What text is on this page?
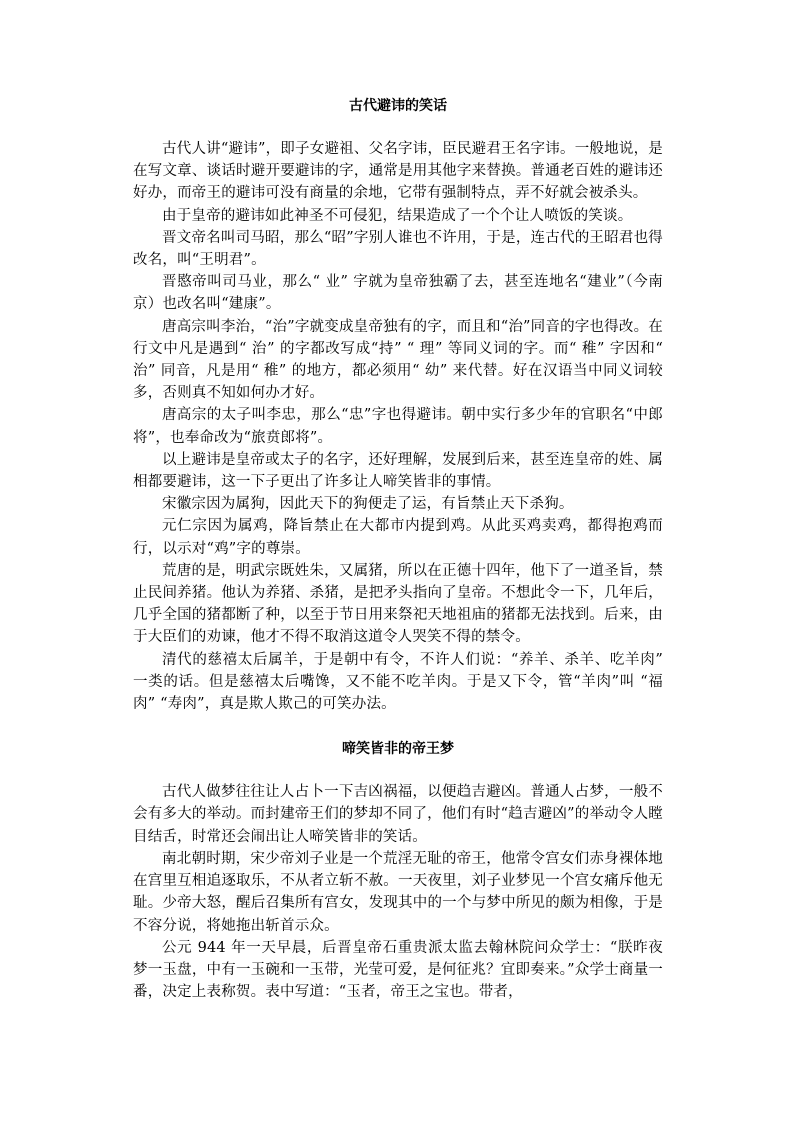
古代避讳的笑话

古代人讲“避讳”，即子女避祖、父名字讳，臣民避君王名字讳。一般地说，是在写文章、谈话时避开要避讳的字，通常是用其他字来替换。普通老百姓的避讳还好办，而帝王的避讳可没有商量的余地，它带有强制特点，弄不好就会被杀头。

由于皇帝的避讳如此神圣不可侵犯，结果造成了一个个让人喷饭的笑谈。

晋文帝名叫司马昭，那么“昭”字别人谁也不许用，于是，连古代的王昭君也得改名，叫“王明君”。

晋愍帝叫司马业，那么“ 业” 字就为皇帝独霸了去，甚至连地名“建业”（今南京）也改名叫“建康”。

唐高宗叫李治，“治”字就变成皇帝独有的字，而且和“治”同音的字也得改。在行文中凡是遇到“ 治” 的字都改写成“持” “ 理” 等同义词的字。而“ 稚” 字因和“ 治” 同音，凡是用“ 稚” 的地方，都必须用“ 幼” 来代替。好在汉语当中同义词较多，否则真不知如何办才好。

唐高宗的太子叫李忠，那么“忠”字也得避讳。朝中实行多少年的官职名“中郎将”，也奉命改为“旅贲郎将”。

以上避讳是皇帝或太子的名字，还好理解，发展到后来，甚至连皇帝的姓、属相都要避讳，这一下子更出了许多让人啼笑皆非的事情。

宋徽宗因为属狗，因此天下的狗便走了运，有旨禁止天下杀狗。

元仁宗因为属鸡，降旨禁止在大都市内提到鸡。从此买鸡卖鸡，都得抱鸡而行，以示对“鸡”字的尊崇。

荒唐的是，明武宗既姓朱，又属猪，所以在正德十四年，他下了一道圣旨，禁止民间养猪。他认为养猪、杀猪，是把矛头指向了皇帝。不想此令一下，几年后，几乎全国的猪都断了种，以至于节日用来祭祀天地祖庙的猪都无法找到。后来，由于大臣们的劝谏，他才不得不取消这道令人哭笑不得的禁令。

清代的慈禧太后属羊，于是朝中有令，不许人们说：“养羊、杀羊、吃羊肉” 一类的话。但是慈禧太后嘴馋，又不能不吃羊肉。于是又下令，管“羊肉”叫 “福肉” “寿肉”，真是欺人欺己的可笑办法。

啼笑皆非的帝王梦

古代人做梦往往让人占卜一下吉凶祸福，以便趋吉避凶。普通人占梦，一般不会有多大的举动。而封建帝王们的梦却不同了，他们有时“趋吉避凶”的举动令人瞠目结舌，时常还会闹出让人啼笑皆非的笑话。

南北朝时期，宋少帝刘子业是一个荒淫无耻的帝王，他常令宫女们赤身裸体地在宫里互相追逐取乐，不从者立斩不赦。一天夜里，刘子业梦见一个宫女痛斥他无耻。少帝大怒，醒后召集所有宫女，发现其中的一个与梦中所见的颇为相像，于是不容分说，将她拖出斩首示众。

公元 944 年一天早晨，后晋皇帝石重贵派太监去翰林院问众学士：“朕昨夜梦一玉盘，中有一玉碗和一玉带，光莹可爱，是何征兆？宜即奏来。”众学士商量一番，决定上表称贺。表中写道：“玉者，帝王之宝也。带者，
